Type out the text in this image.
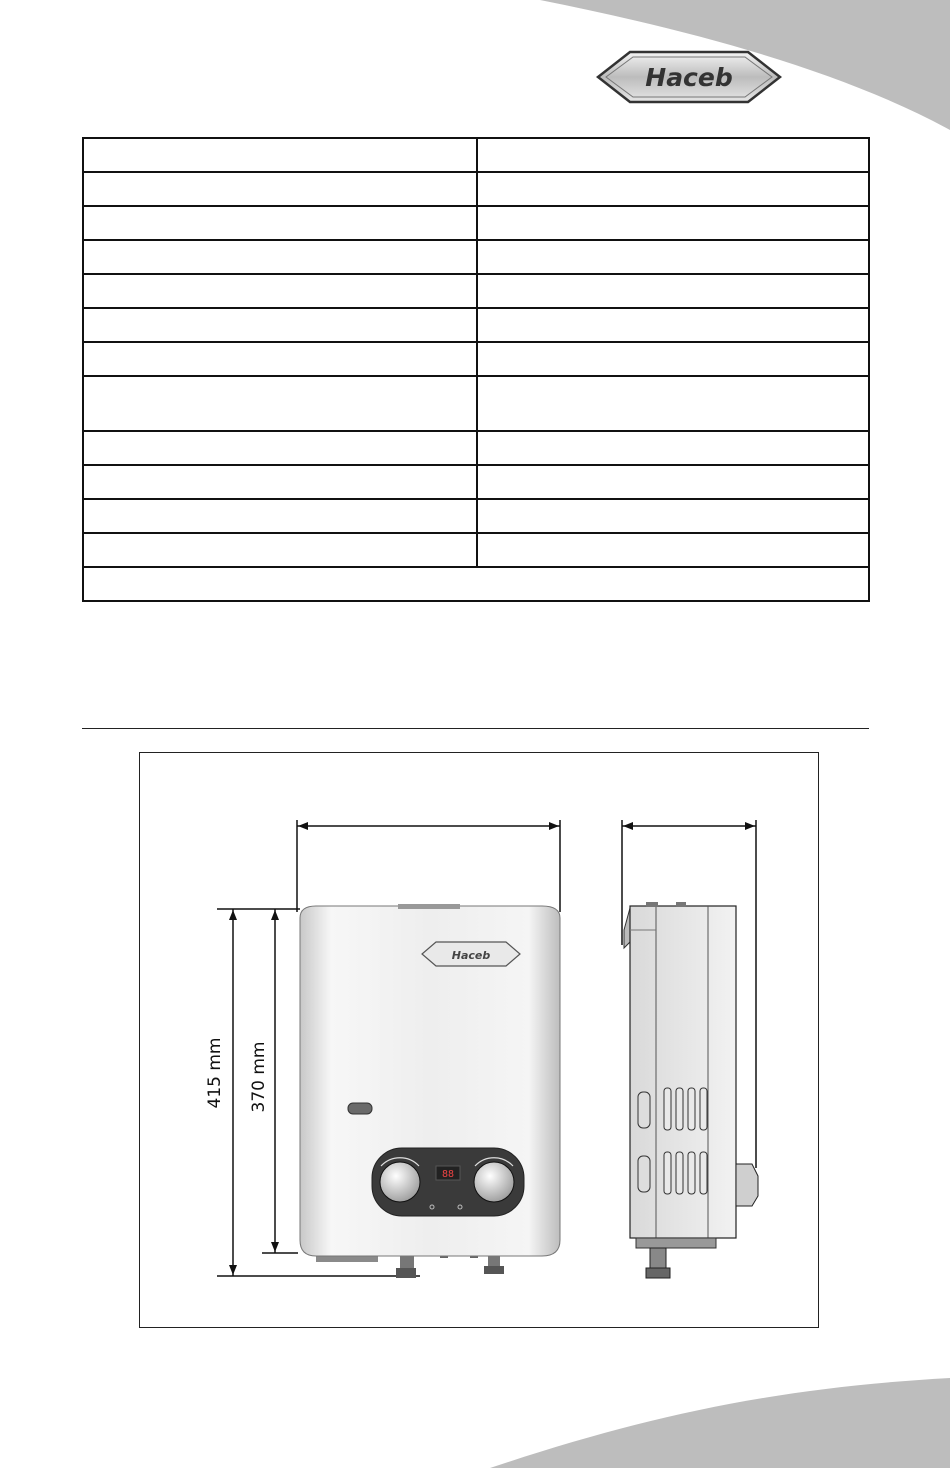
Haceb

Haceb
88
415 mm 370 mm
